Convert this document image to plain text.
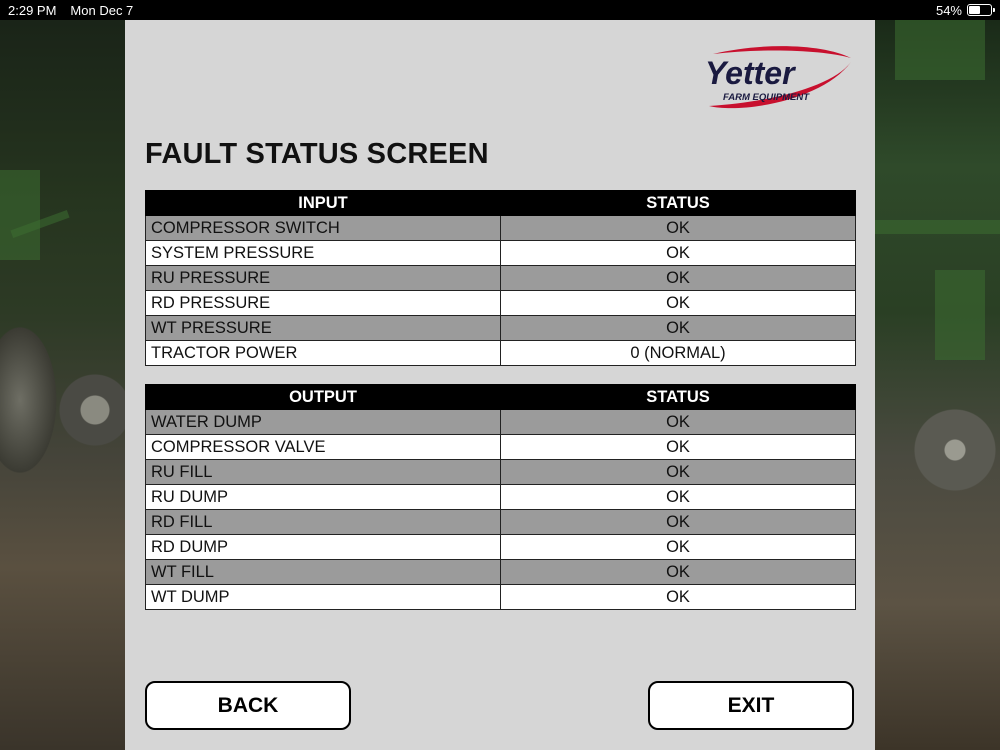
2:29 PM Mon Dec 7	54%
Yetter
FARM EQUIPMENT
FAULT STATUS SCREEN
INPUT	STATUS
COMPRESSOR SWITCH	OK
SYSTEM PRESSURE	OK
RU PRESSURE	OK
RD PRESSURE	OK
WT PRESSURE	OK
TRACTOR POWER	0 (NORMAL)
OUTPUT	STATUS
WATER DUMP	OK
COMPRESSOR VALVE	OK
RU FILL	OK
RU DUMP	OK
RD FILL	OK
RD DUMP	OK
WT FILL	OK
WT DUMP	OK
BACK	EXIT
